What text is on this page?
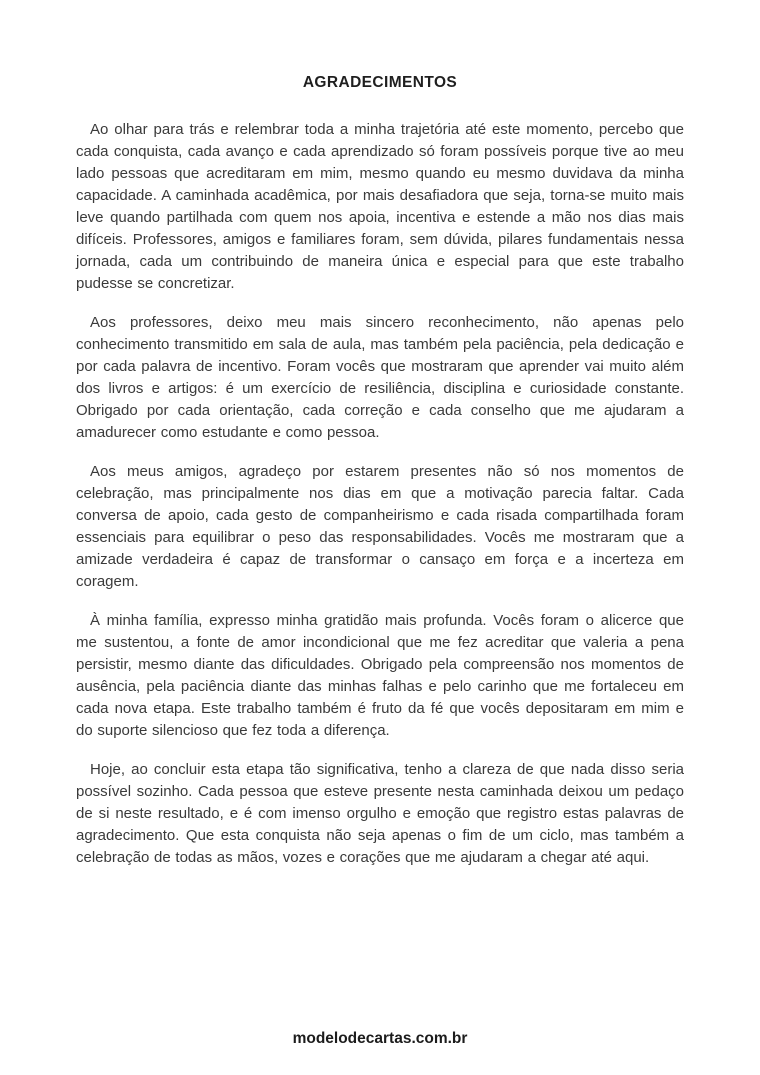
AGRADECIMENTOS

Ao olhar para trás e relembrar toda a minha trajetória até este momento, percebo que cada conquista, cada avanço e cada aprendizado só foram possíveis porque tive ao meu lado pessoas que acreditaram em mim, mesmo quando eu mesmo duvidava da minha capacidade. A caminhada acadêmica, por mais desafiadora que seja, torna-se muito mais leve quando partilhada com quem nos apoia, incentiva e estende a mão nos dias mais difíceis. Professores, amigos e familiares foram, sem dúvida, pilares fundamentais nessa jornada, cada um contribuindo de maneira única e especial para que este trabalho pudesse se concretizar.

Aos professores, deixo meu mais sincero reconhecimento, não apenas pelo conhecimento transmitido em sala de aula, mas também pela paciência, pela dedicação e por cada palavra de incentivo. Foram vocês que mostraram que aprender vai muito além dos livros e artigos: é um exercício de resiliência, disciplina e curiosidade constante. Obrigado por cada orientação, cada correção e cada conselho que me ajudaram a amadurecer como estudante e como pessoa.

Aos meus amigos, agradeço por estarem presentes não só nos momentos de celebração, mas principalmente nos dias em que a motivação parecia faltar. Cada conversa de apoio, cada gesto de companheirismo e cada risada compartilhada foram essenciais para equilibrar o peso das responsabilidades. Vocês me mostraram que a amizade verdadeira é capaz de transformar o cansaço em força e a incerteza em coragem.

À minha família, expresso minha gratidão mais profunda. Vocês foram o alicerce que me sustentou, a fonte de amor incondicional que me fez acreditar que valeria a pena persistir, mesmo diante das dificuldades. Obrigado pela compreensão nos momentos de ausência, pela paciência diante das minhas falhas e pelo carinho que me fortaleceu em cada nova etapa. Este trabalho também é fruto da fé que vocês depositaram em mim e do suporte silencioso que fez toda a diferença.

Hoje, ao concluir esta etapa tão significativa, tenho a clareza de que nada disso seria possível sozinho. Cada pessoa que esteve presente nesta caminhada deixou um pedaço de si neste resultado, e é com imenso orgulho e emoção que registro estas palavras de agradecimento. Que esta conquista não seja apenas o fim de um ciclo, mas também a celebração de todas as mãos, vozes e corações que me ajudaram a chegar até aqui.

modelodecartas.com.br
